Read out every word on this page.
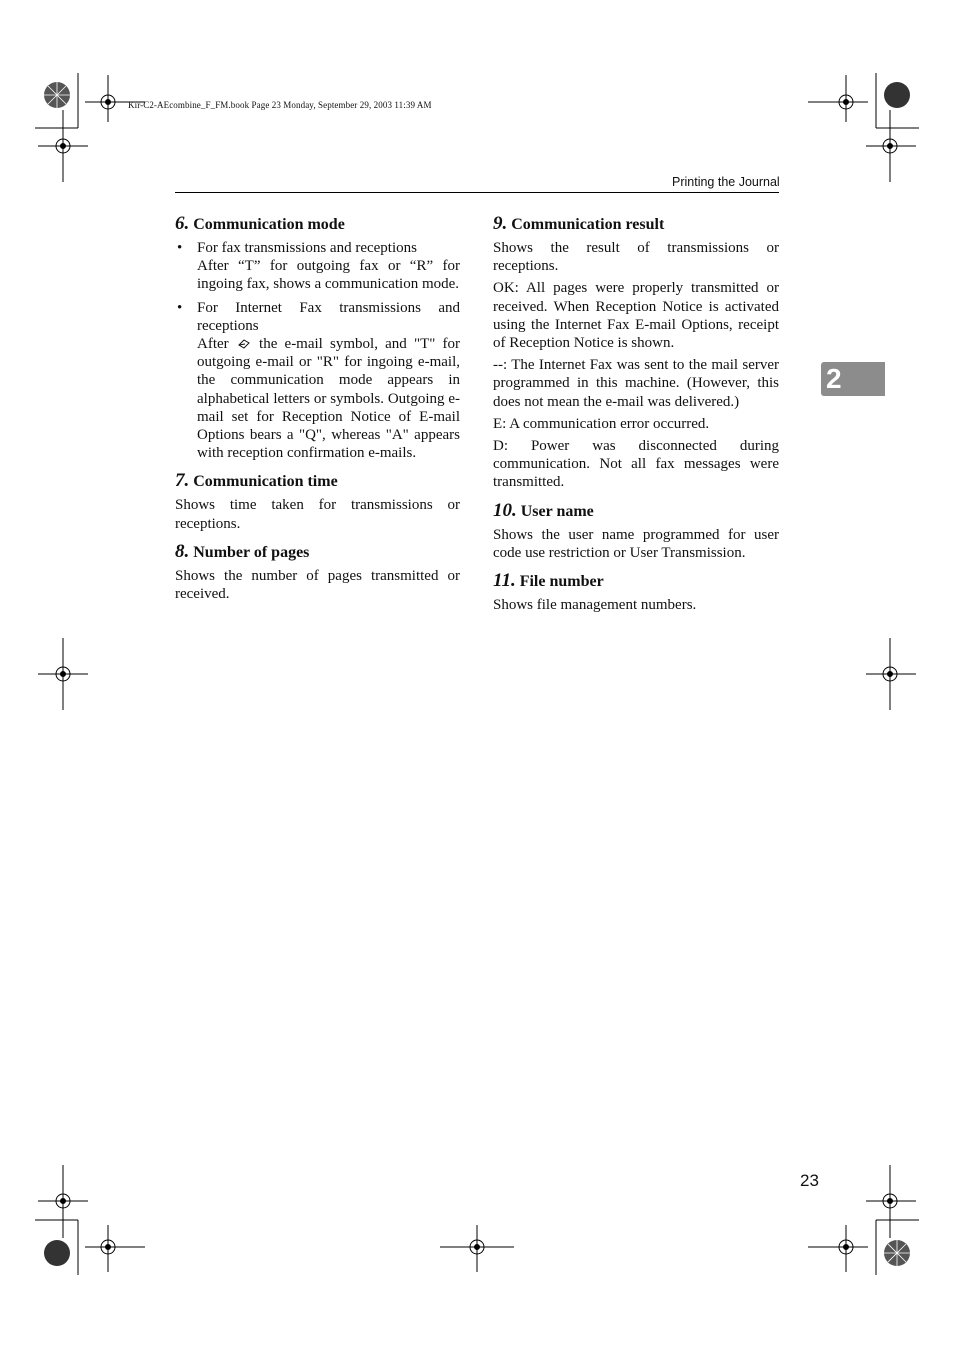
Kir-C2-AEcombine_F_FM.book Page 23 Monday, September 29, 2003 11:39 AM
Printing the Journal
2
6. Communication mode
• For fax transmissions and receptions
After “T” for outgoing fax or “R” for ingoing fax, shows a communication mode.
• For Internet Fax transmissions and receptions
After the e-mail symbol, and "T" for outgoing e-mail or "R" for ingoing e-mail, the communication mode appears in alphabetical letters or symbols. Outgoing e-mail set for Reception Notice of E-mail Options bears a "Q", whereas "A" appears with reception confirmation e-mails.
7. Communication time

Shows time taken for transmissions or receptions.

8. Number of pages

Shows the number of pages transmitted or received.

9. Communication result

Shows the result of transmissions or receptions.

OK: All pages were properly transmitted or received. When Reception Notice is activated using the Internet Fax E-mail Options, receipt of Reception Notice is shown.

--: The Internet Fax was sent to the mail server programmed in this machine. (However, this does not mean the e-mail was delivered.)

E: A communication error occurred.

D: Power was disconnected during communication. Not all fax messages were transmitted.

10. User name

Shows the user name programmed for user code use restriction or User Transmission.

11. File number

Shows file management numbers.

23
